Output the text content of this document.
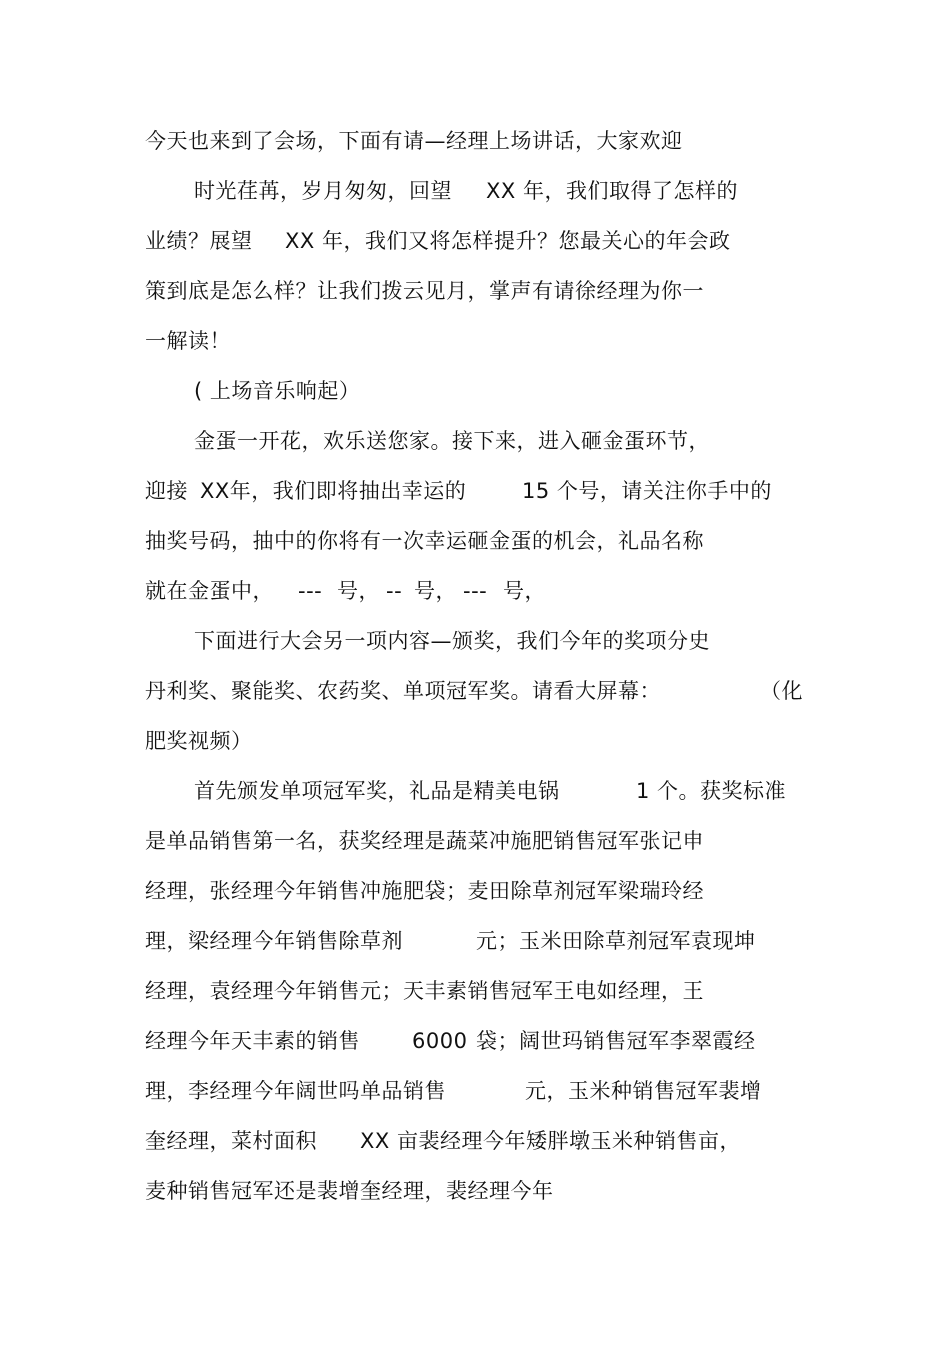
今天也来到了会场，下面有请—经理上场讲话，大家欢迎
时光荏苒，岁月匆匆，回望 XX 年，我们取得了怎样的
业绩？展望 XX 年，我们又将怎样提升？您最关心的年会政
策到底是怎么样？让我们拨云见月，掌声有请徐经理为你一
一解读！
( 上场音乐响起）
金蛋一开花，欢乐送您家。接下来，进入砸金蛋环节，
迎接 XX年，我们即将抽出幸运的	15 个号，请关注你手中的
抽奖号码，抽中的你将有一次幸运砸金蛋的机会，礼品名称
就在金蛋中， --- 号， -- 号， --- 号，
下面进行大会另一项内容—颁奖，我们今年的奖项分史
丹利奖、聚能奖、农药奖、单项冠军奖。请看大屏幕：	（化
肥奖视频）
首先颁发单项冠军奖，礼品是精美电锅	1 个。获奖标准
是单品销售第一名，获奖经理是蔬菜冲施肥销售冠军张记申
经理，张经理今年销售冲施肥袋；麦田除草剂冠军梁瑞玲经
理，梁经理今年销售除草剂	元；玉米田除草剂冠军袁现坤
经理，袁经理今年销售元；天丰素销售冠军王电如经理，王
经理今年天丰素的销售 6000 袋；阔世玛销售冠军李翠霞经
理，李经理今年阔世吗单品销售	元，玉米种销售冠军裴增
奎经理，菜村面积 XX 亩裴经理今年矮胖墩玉米种销售亩，
麦种销售冠军还是裴增奎经理，裴经理今年
